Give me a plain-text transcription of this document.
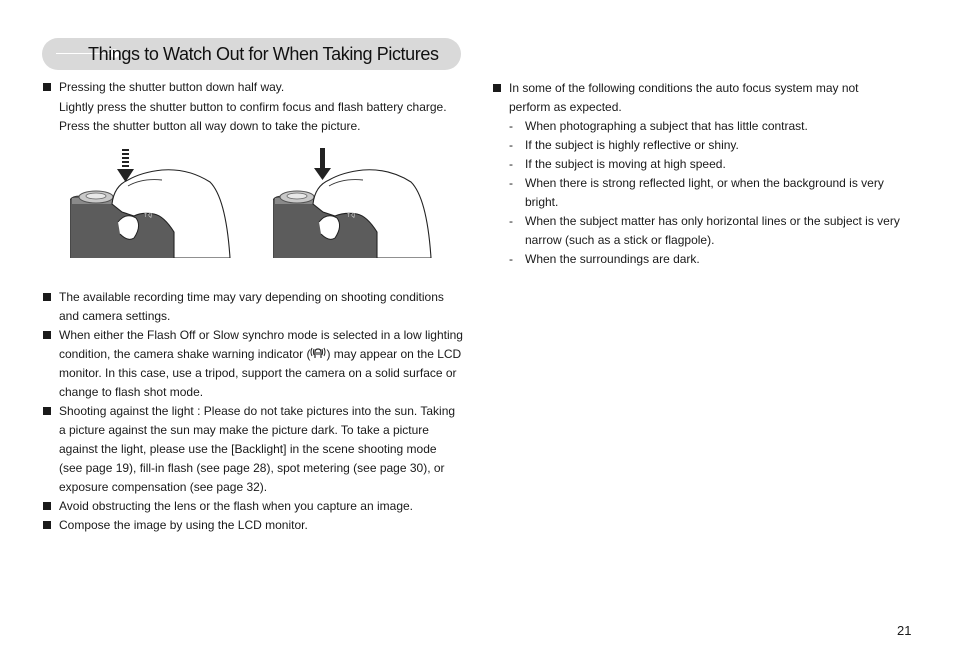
Things to Watch Out for When Taking Pictures
Pressing the shutter button down half way.
Lightly press the shutter button to confirm focus and flash battery charge.
Press the shutter button all way down to take the picture.
T Q	T Q
The available recording time may vary depending on shooting conditions and camera settings.
When either the Flash Off or Slow synchro mode is selected in a low lighting condition, the camera shake warning indicator ( ) may appear on the LCD monitor. In this case, use a tripod, support the camera on a solid surface or change to flash shot mode.
Shooting against the light : Please do not take pictures into the sun. Taking a picture against the sun may make the picture dark. To take a picture against the light, please use the [Backlight] in the scene shooting mode (see page 19), fill-in flash (see page 28), spot metering (see page 30), or exposure compensation (see page 32).
Avoid obstructing the lens or the flash when you capture an image.
Compose the image by using the LCD monitor.
In some of the following conditions the auto focus system may not perform as expected.
- When photographing a subject that has little contrast.
- If the subject is highly reflective or shiny.
- If the subject is moving at high speed.
- When there is strong reflected light, or when the background is very bright.
- When the subject matter has only horizontal lines or the subject is very narrow (such as a stick or flagpole).
- When the surroundings are dark.
21
